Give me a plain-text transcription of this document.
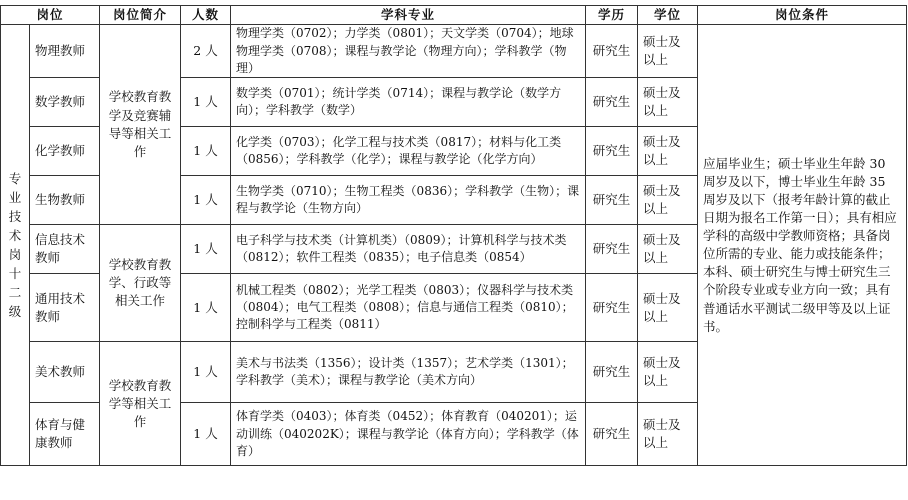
岗位		岗位简介	人数	学科专业	学历	学位	岗位条件

专业技术岗十二级	物理教师	学校教育教学及竞赛辅导等相关工作	2 人	物理学类（0702）；力学类（0801）；天文学类（0704）；地球物理学类（0708）；课程与教学论（物理方向）；学科教学（物理）	研究生	硕士及以上	应届毕业生；硕士毕业生年龄 30 周岁及以下，博士毕业生年龄 35 周岁及以下（报考年龄计算的截止日期为报名工作第一日）；具有相应学科的高级中学教师资格；具备岗位所需的专业、能力或技能条件；本科、硕士研究生与博士研究生三个阶段专业或专业方向一致；具有普通话水平测试二级甲等及以上证书。
	数学教师		1 人	数学类（0701）；统计学类（0714）；课程与教学论（数学方向）；学科教学（数学）	研究生	硕士及以上	
	化学教师		1 人	化学类（0703）；化学工程与技术类（0817）；材料与化工类（0856）；学科教学（化学）；课程与教学论（化学方向）	研究生	硕士及以上	
	生物教师		1 人	生物学类（0710）；生物工程类（0836）；学科教学（生物）；课程与教学论（生物方向）	研究生	硕士及以上	
	信息技术教师	学校教育教学、行政等相关工作	1 人	电子科学与技术类（计算机类）（0809）；计算机科学与技术类（0812）；软件工程类（0835）；电子信息类（0854）	研究生	硕士及以上	
	通用技术教师		1 人	机械工程类（0802）；光学工程类（0803）；仪器科学与技术类（0804）；电气工程类（0808）；信息与通信工程类（0810）；控制科学与工程类（0811）	研究生	硕士及以上	
	美术教师	学校教育教学等相关工作	1 人	美术与书法类（1356）；设计类（1357）；艺术学类（1301）；学科教学（美术）；课程与教学论（美术方向）	研究生	硕士及以上	
	体育与健康教师		1 人	体育学类（0403）；体育类（0452）；体育教育（040201）；运动训练（040202K）；课程与教学论（体育方向）；学科教学（体育）	研究生	硕士及以上	
